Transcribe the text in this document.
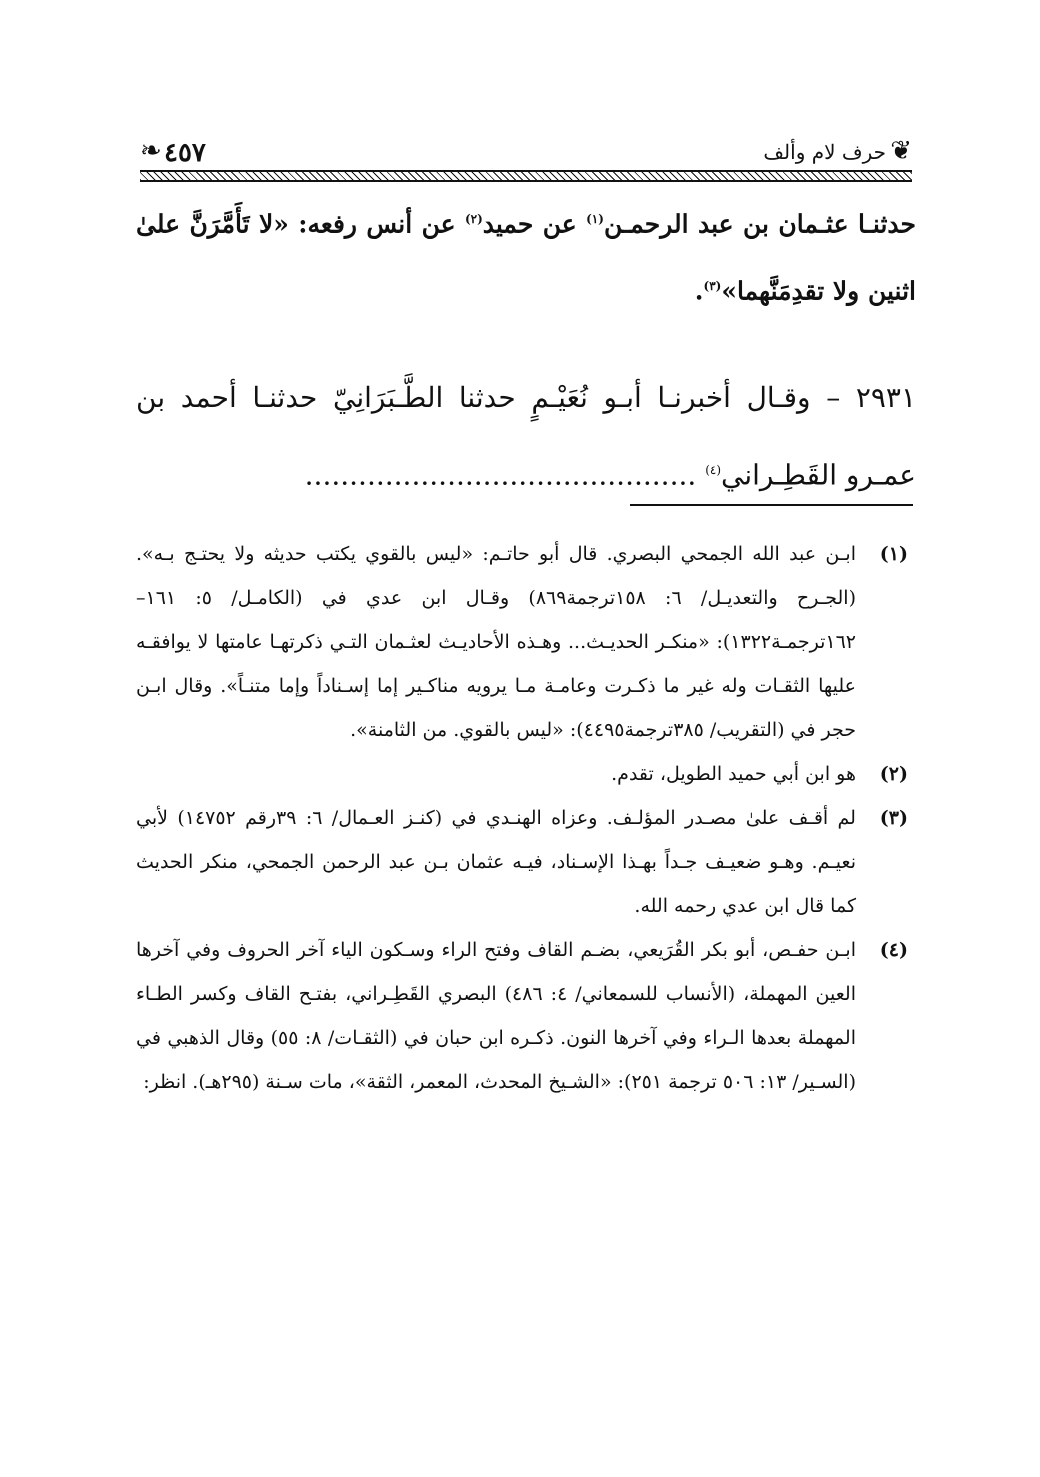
❧ ٤٥٧	حرف لام وألف ❦
حدثنـا عثـمان بن عبد الرحمـن$^{(١)}$ عن حميد$^{(٢)}$ عن أنس رفعه: «لا تَأَمَّرَنَّ علىٰ اثنين ولا تقدِمَنَّهما»$^{(٣)}$.
٢٩٣١ – وقـال أخبرنـا أبـو نُعَيْـمٍ حدثنا الطَّـبَرَانِيّ حدثنـا أحمد بن عمـرو القَطِـراني$^{(٤)}$ ............................................
(١)
ابـن عبد الله الجمحي البصري. قال أبو حاتـم: «ليس بالقوي يكتب حديثه ولا يحتـج بـه». (الجـرح والتعديـل/ ٦: ١٥٨ترجمة٨٦٩) وقـال ابن عدي في (الكامـل/ ٥: ١٦١–١٦٢ترجمـة١٣٢٢): «منكـر الحديـث... وهـذه الأحاديـث لعثـمان التـي ذكرتهـا عامتها لا يوافقـه عليها الثقـات وله غير ما ذكـرت وعامـة مـا يرويه مناكـير إما إسـناداً وإما متنـاً». وقال ابـن حجر في (التقريب/ ٣٨٥ترجمة٤٤٩٥): «ليس بالقوي. من الثامنة».
(٢)
هو ابن أبي حميد الطويل، تقدم.
(٣)
لم أقـف علىٰ مصـدر المؤلـف. وعزاه الهنـدي في (كنـز العـمال/ ٦: ٣٩رقم ١٤٧٥٢) لأبي نعيـم. وهـو ضعيـف جـداً بهـذا الإسـناد، فيـه عثمان بـن عبد الرحمن الجمحي، منكر الحديث كما قال ابن عدي رحمه الله.
(٤)
ابـن حفـص، أبو بكر القُرَيعي، بضـم القاف وفتح الراء وسـكون الياء آخر الحروف وفي آخرها العين المهملة، (الأنساب للسمعاني/ ٤: ٤٨٦) البصري القَطِـراني، بفتـح القاف وكسر الطـاء المهملة بعدها الـراء وفي آخرها النون. ذكـره ابن حبان في (الثقـات/ ٨: ٥٥) وقال الذهبي في (السـير/ ١٣: ٥٠٦ ترجمة ٢٥١): «الشـيخ المحدث، المعمر، الثقة»، مات سـنة (٢٩٥هـ). انظر:
